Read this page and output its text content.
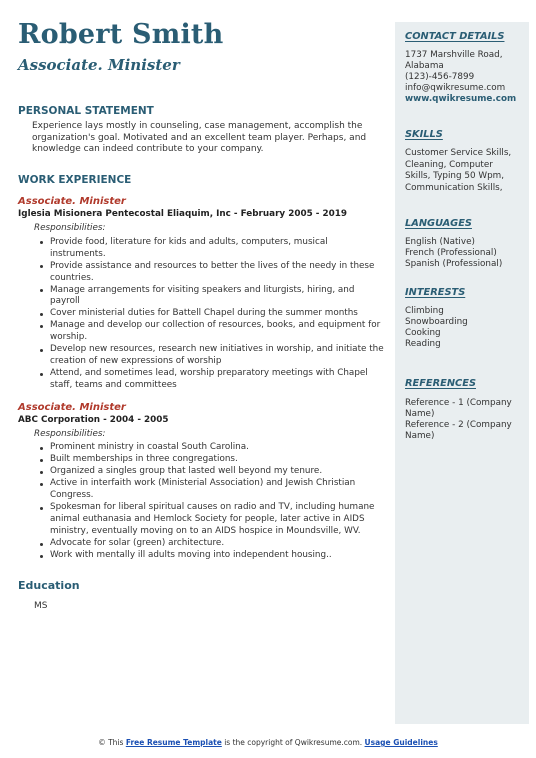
Robert Smith
Associate. Minister
PERSONAL STATEMENT
Experience lays mostly in counseling, case management, accomplish the organization's goal. Motivated and an excellent team player. Perhaps, and knowledge can indeed contribute to your company.
WORK EXPERIENCE
Associate. Minister
Iglesia Misionera Pentecostal Eliaquim, Inc - February 2005 - 2019
Responsibilities:
Provide food, literature for kids and adults, computers, musical instruments.
Provide assistance and resources to better the lives of the needy in these countries.
Manage arrangements for visiting speakers and liturgists, hiring, and payroll
Cover ministerial duties for Battell Chapel during the summer months
Manage and develop our collection of resources, books, and equipment for worship.
Develop new resources, research new initiatives in worship, and initiate the creation of new expressions of worship
Attend, and sometimes lead, worship preparatory meetings with Chapel staff, teams and committees
Associate. Minister
ABC Corporation - 2004 - 2005
Responsibilities:
Prominent ministry in coastal South Carolina.
Built memberships in three congregations.
Organized a singles group that lasted well beyond my tenure.
Active in interfaith work (Ministerial Association) and Jewish Christian Congress.
Spokesman for liberal spiritual causes on radio and TV, including humane animal euthanasia and Hemlock Society for people, later active in AIDS ministry, eventually moving on to an AIDS hospice in Moundsville, WV.
Advocate for solar (green) architecture.
Work with mentally ill adults moving into independent housing..
Education
MS
CONTACT DETAILS
1737 Marshville Road, Alabama
(123)-456-7899
info@qwikresume.com
www.qwikresume.com
SKILLS
Customer Service Skills, Cleaning, Computer Skills, Typing 50 Wpm, Communication Skills,
LANGUAGES
English (Native)
French (Professional)
Spanish (Professional)
INTERESTS
Climbing
Snowboarding
Cooking
Reading
REFERENCES
Reference - 1 (Company Name)
Reference - 2 (Company Name)
© This Free Resume Template is the copyright of Qwikresume.com. Usage Guidelines
